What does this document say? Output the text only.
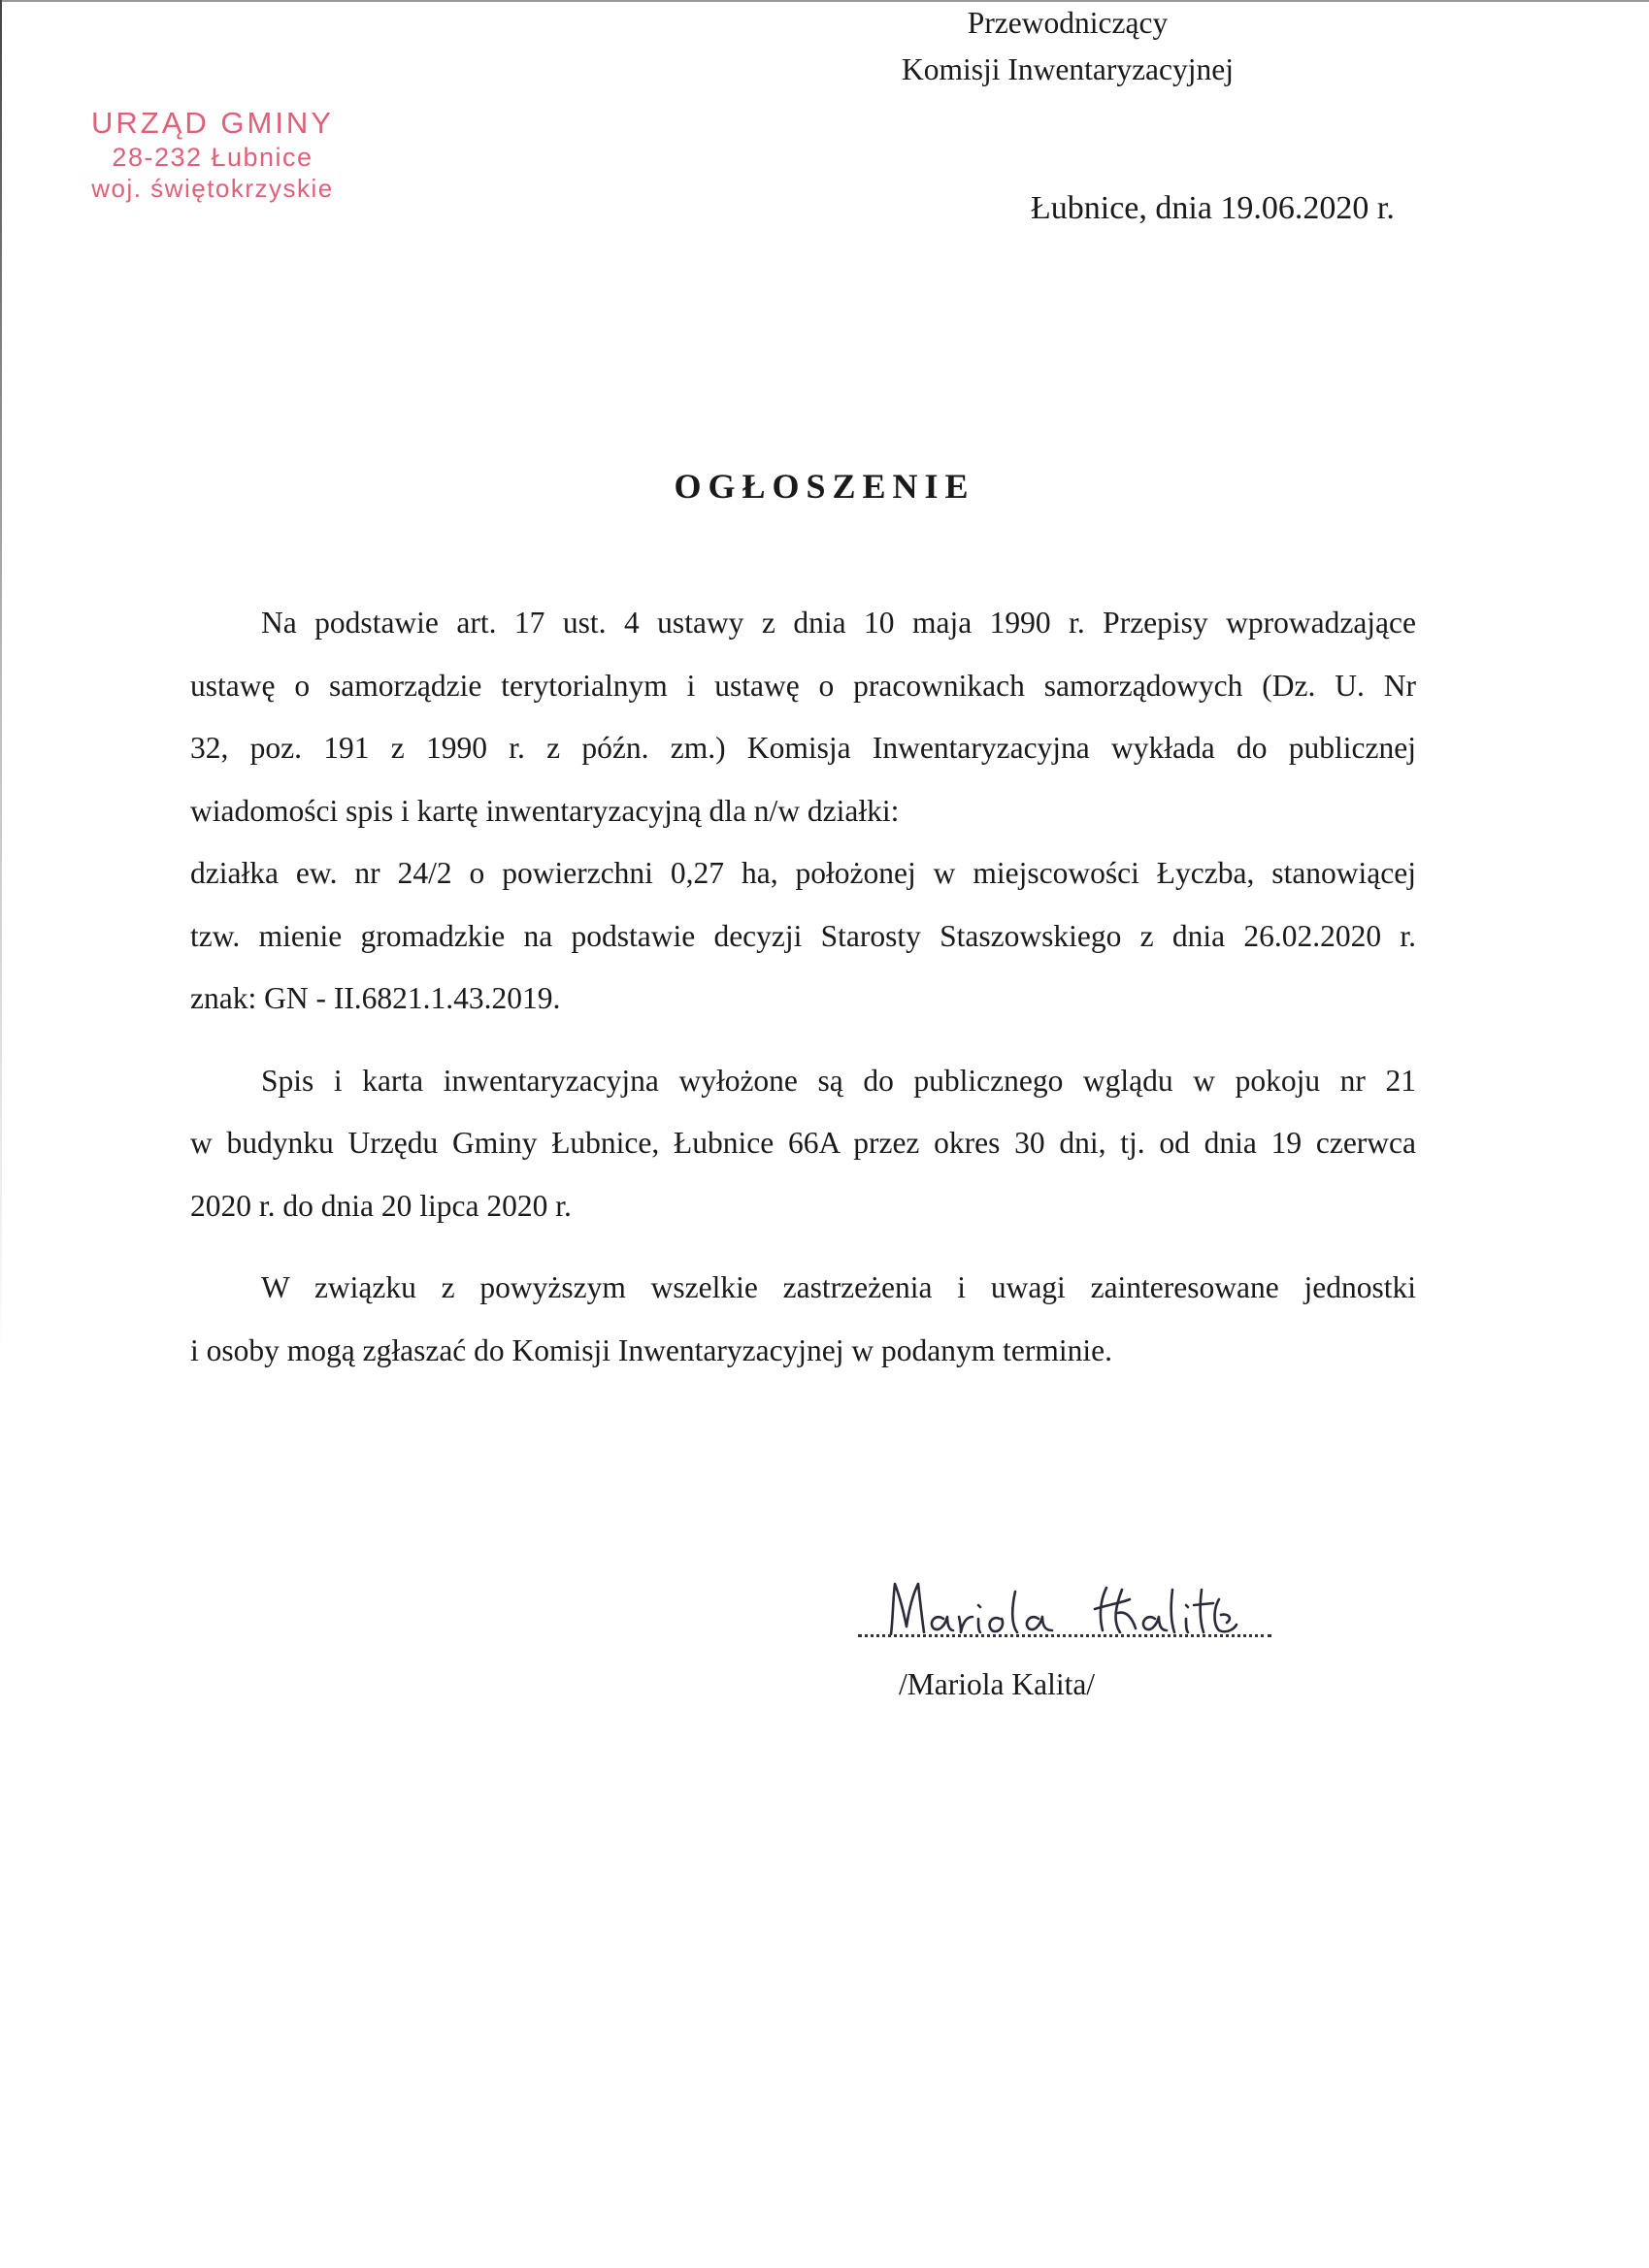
URZĄD GMINY
28-232 Łubnice
woj. świętokrzyskie
Łubnice, dnia 19.06.2020 r.
OGŁOSZENIE
Na podstawie art. 17 ust. 4 ustawy z dnia 10 maja 1990 r. Przepisy wprowadzające
ustawę o samorządzie terytorialnym i ustawę o pracownikach samorządowych (Dz. U. Nr
32, poz. 191 z 1990 r. z późn. zm.) Komisja Inwentaryzacyjna wykłada do publicznej
wiadomości spis i kartę inwentaryzacyjną dla n/w działki:
działka ew. nr 24/2 o powierzchni 0,27 ha, położonej w miejscowości Łyczba, stanowiącej
tzw. mienie gromadzkie na podstawie decyzji Starosty Staszowskiego z dnia 26.02.2020 r.
znak: GN - II.6821.1.43.2019.
Spis i karta inwentaryzacyjna wyłożone są do publicznego wglądu w pokoju nr 21
w budynku Urzędu Gminy Łubnice, Łubnice 66A przez okres 30 dni, tj. od dnia 19 czerwca
2020 r. do dnia 20 lipca 2020 r.
W związku z powyższym wszelkie zastrzeżenia i uwagi zainteresowane jednostki
i osoby mogą zgłaszać do Komisji Inwentaryzacyjnej w podanym terminie.
Przewodniczący
Komisji Inwentaryzacyjnej
/Mariola Kalita/
